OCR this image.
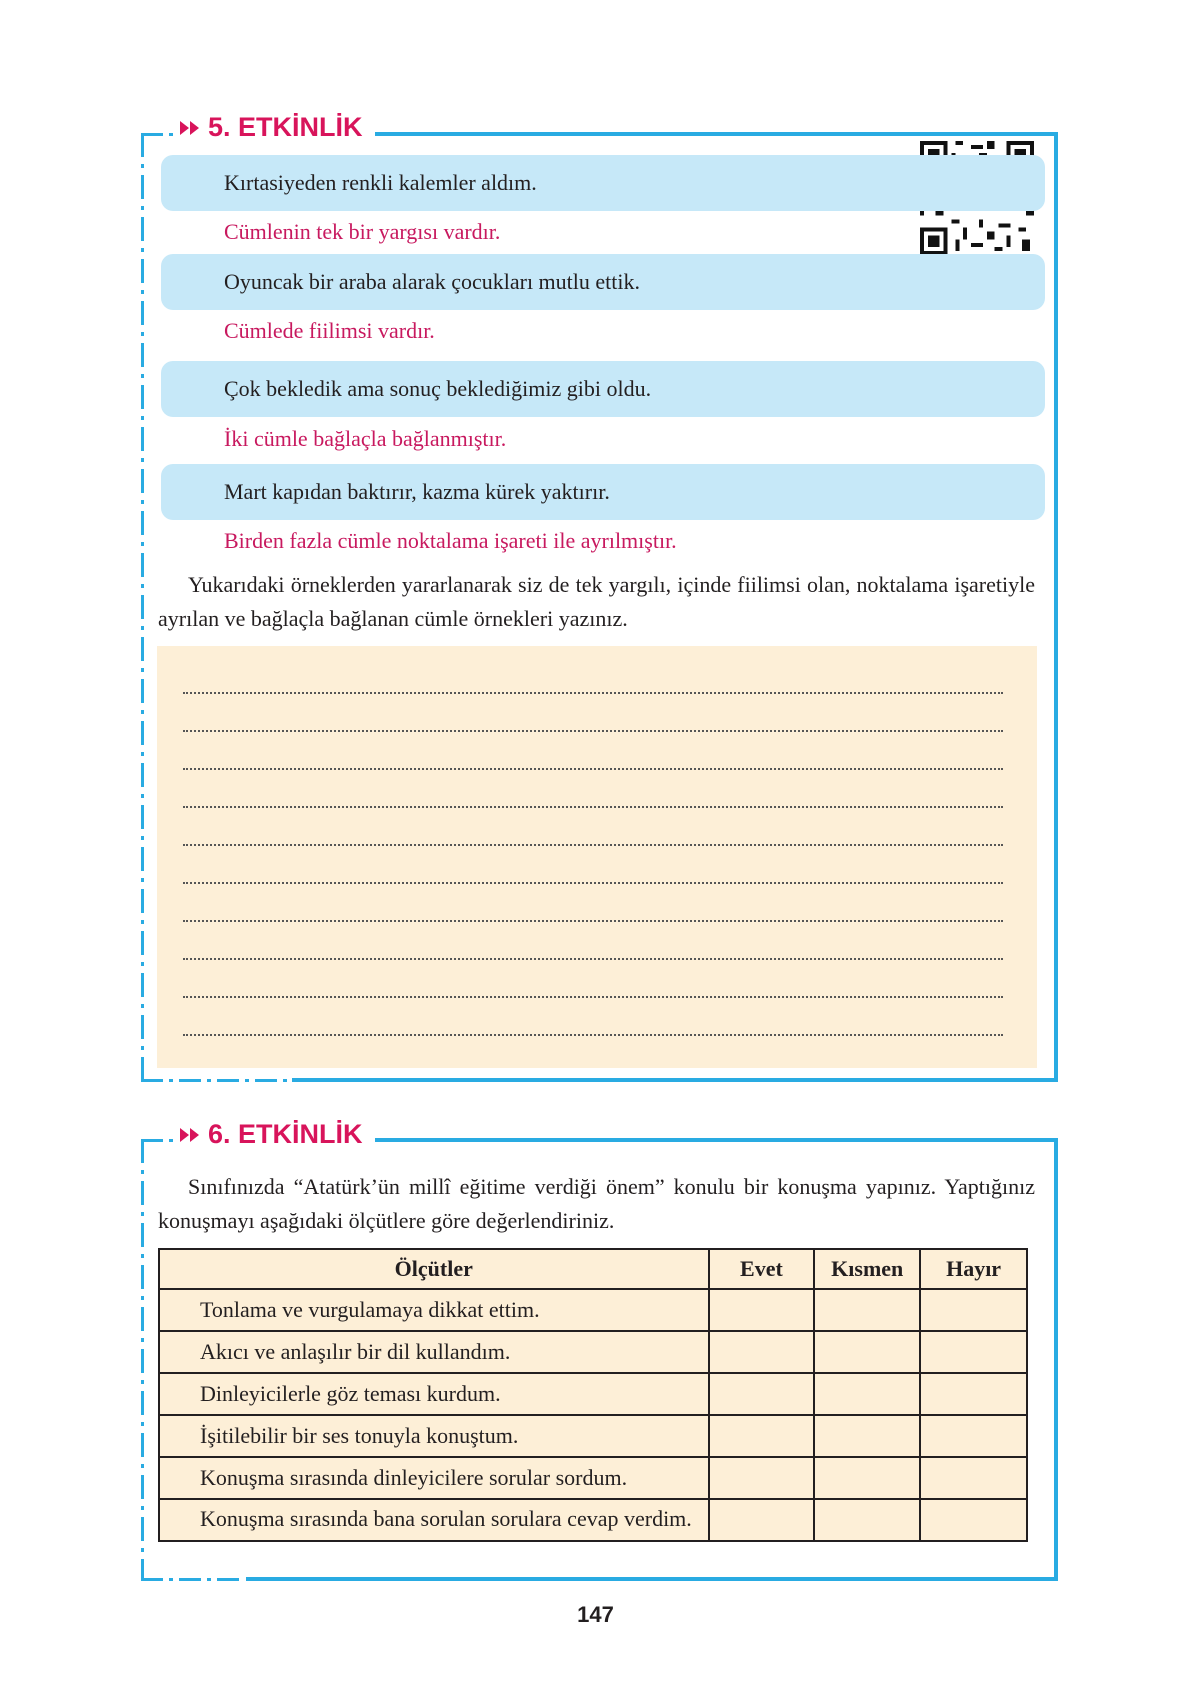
5. ETKİNLİK
Kırtasiyeden renkli kalemler aldım.
Cümlenin tek bir yargısı vardır.
Oyuncak bir araba alarak çocukları mutlu ettik.
Cümlede fiilimsi vardır.
Çok bekledik ama sonuç beklediğimiz gibi oldu.
İki cümle bağlaçla bağlanmıştır.
Mart kapıdan baktırır, kazma kürek yaktırır.
Birden fazla cümle noktalama işareti ile ayrılmıştır.
Yukarıdaki örneklerden yararlanarak siz de tek yargılı, içinde fiilimsi olan, noktalama işaretiyle ayrılan ve bağlaçla bağlanan cümle örnekleri yazınız.
6. ETKİNLİK
Sınıfınızda “Atatürk’ün millî eğitime verdiği önem” konulu bir konuşma yapınız. Yaptığınız konuşmayı aşağıdaki ölçütlere göre değerlendiriniz.
Ölçütler	Evet	Kısmen	Hayır
Tonlama ve vurgulamaya dikkat ettim.			
Akıcı ve anlaşılır bir dil kullandım.			
Dinleyicilerle göz teması kurdum.			
İşitilebilir bir ses tonuyla konuştum.			
Konuşma sırasında dinleyicilere sorular sordum.			
Konuşma sırasında bana sorulan sorulara cevap verdim.			
147
